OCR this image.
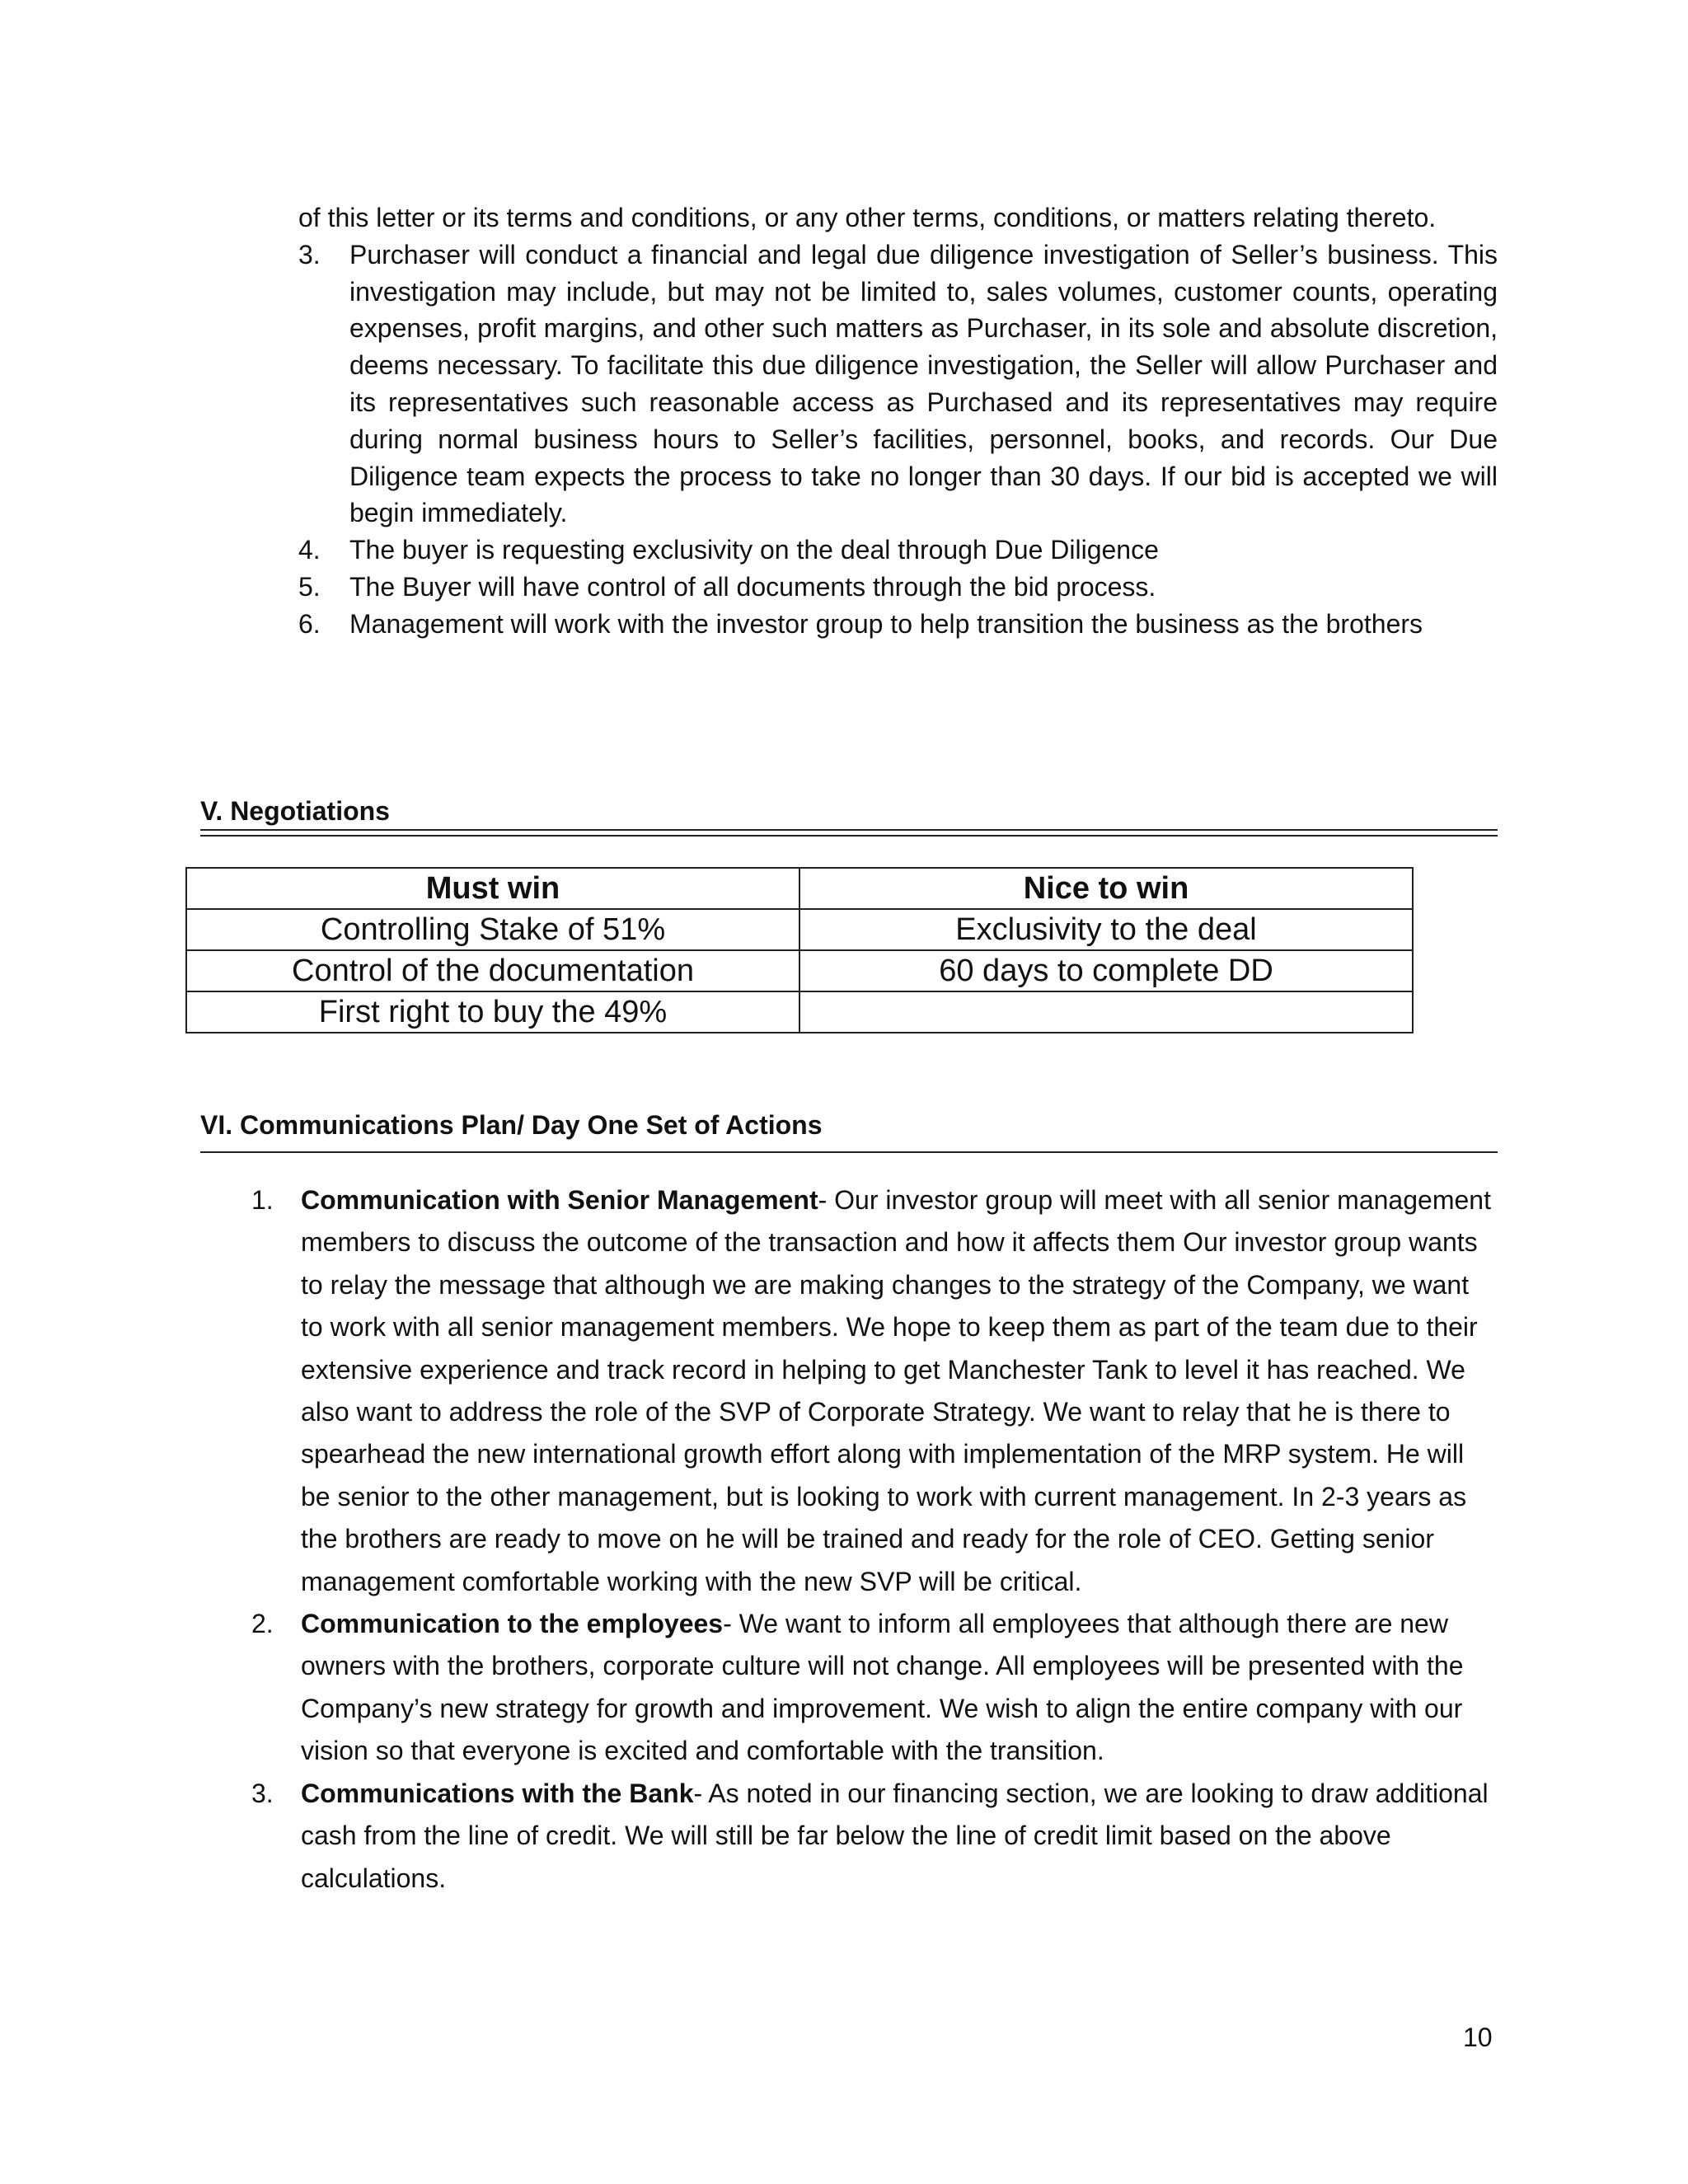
of this letter or its terms and conditions, or any other terms, conditions, or matters relating thereto.

3.	Purchaser will conduct a financial and legal due diligence investigation of Seller’s business. This investigation may include, but may not be limited to, sales volumes, customer counts, operating expenses, profit margins, and other such matters as Purchaser, in its sole and absolute discretion, deems necessary. To facilitate this due diligence investigation, the Seller will allow Purchaser and its representatives such reasonable access as Purchased and its representatives may require during normal business hours to Seller’s facilities, personnel, books, and records. Our Due Diligence team expects the process to take no longer than 30 days. If our bid is accepted we will begin immediately.
4.	The buyer is requesting exclusivity on the deal through Due Diligence
5.	The Buyer will have control of all documents through the bid process.
6.	Management will work with the investor group to help transition the business as the brothers
V. Negotiations
Must win	Nice to win
Controlling Stake of 51%	Exclusivity to the deal
Control of the documentation	60 days to complete DD
First right to buy the 49%	
VI. Communications Plan/ Day One Set of Actions
1. Communication with Senior Management- Our investor group will meet with all senior management members to discuss the outcome of the transaction and how it affects them Our investor group wants to relay the message that although we are making changes to the strategy of the Company, we want to work with all senior management members. We hope to keep them as part of the team due to their extensive experience and track record in helping to get Manchester Tank to level it has reached. We also want to address the role of the SVP of Corporate Strategy. We want to relay that he is there to spearhead the new international growth effort along with implementation of the MRP system. He will be senior to the other management, but is looking to work with current management. In 2-3 years as the brothers are ready to move on he will be trained and ready for the role of CEO. Getting senior management comfortable working with the new SVP will be critical.
2. Communication to the employees- We want to inform all employees that although there are new owners with the brothers, corporate culture will not change. All employees will be presented with the Company’s new strategy for growth and improvement. We wish to align the entire company with our vision so that everyone is excited and comfortable with the transition.
3. Communications with the Bank- As noted in our financing section, we are looking to draw additional cash from the line of credit. We will still be far below the line of credit limit based on the above calculations.
10
